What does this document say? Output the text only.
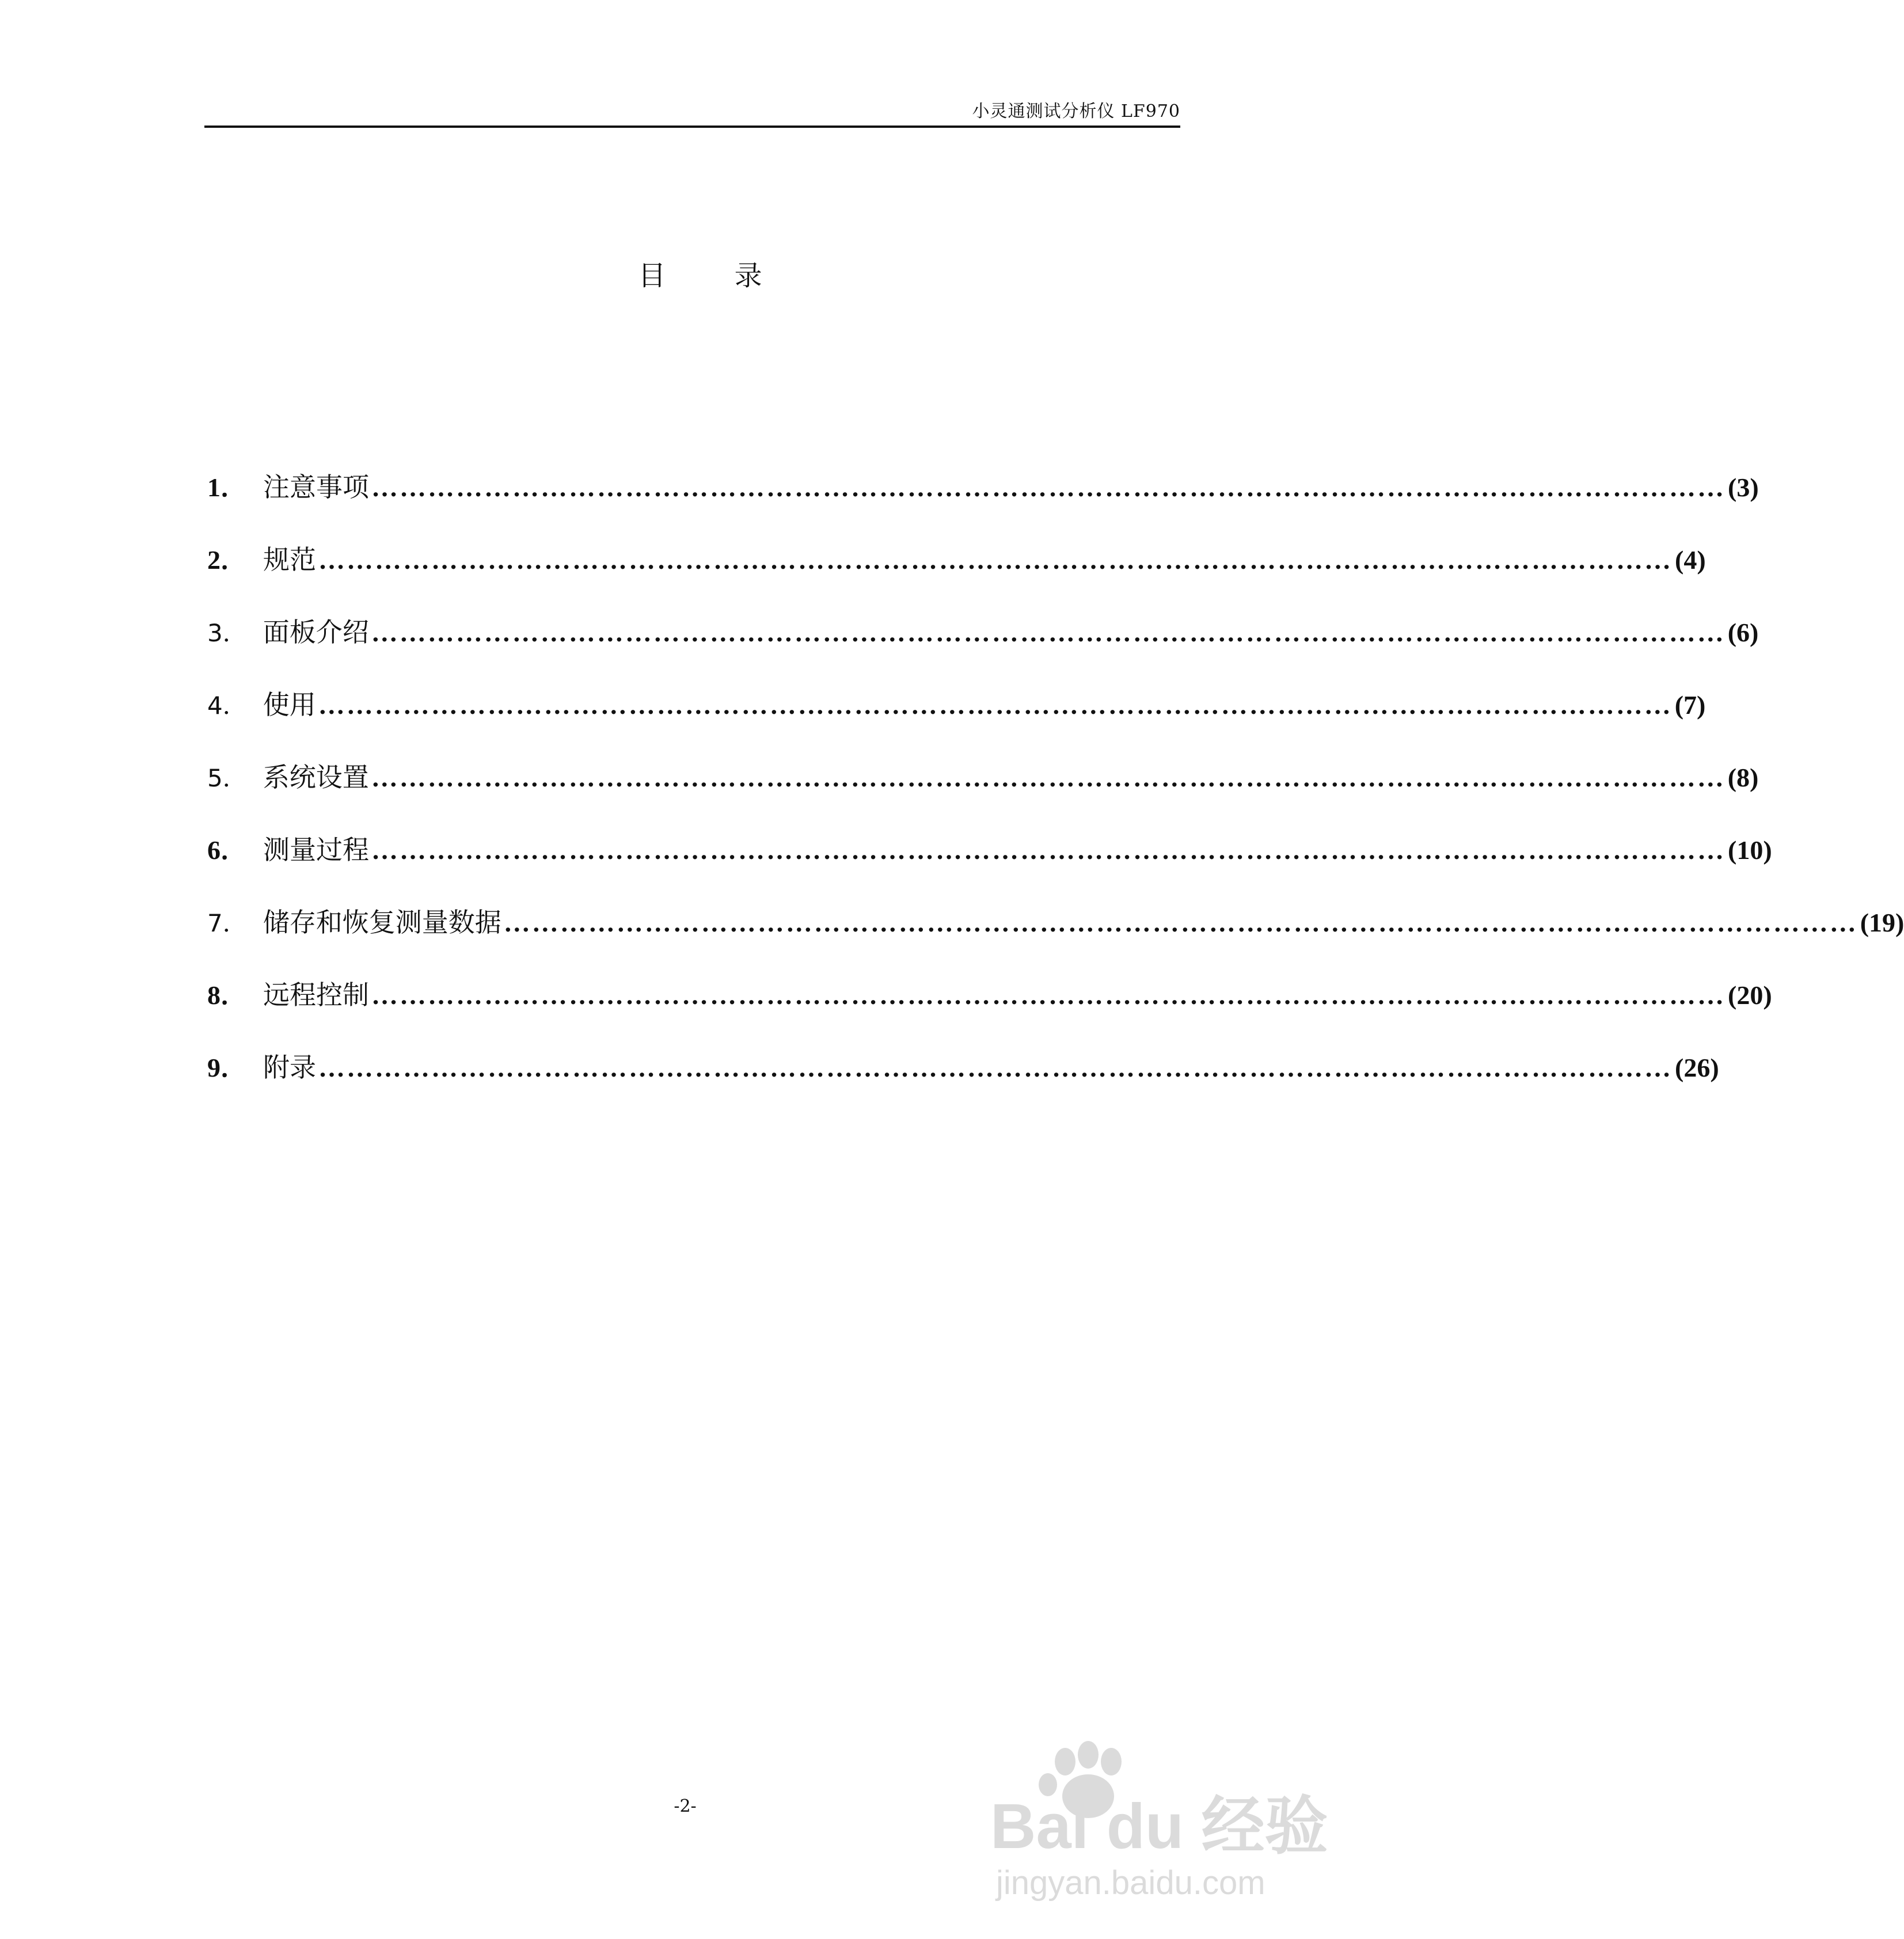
小灵通测试分析仪 LF970
目 录
1． 注意事项 ……………………………………………………………………………………………………………………………… (3)
2． 规范 ……………………………………………………………………………………………………………………………… (4)
3． 面板介绍 ……………………………………………………………………………………………………………………………… (6)
4． 使用 ……………………………………………………………………………………………………………………………… (7)
5． 系统设置 ……………………………………………………………………………………………………………………………… (8)
6． 测量过程 ……………………………………………………………………………………………………………………………… (10)
7． 储存和恢复测量数据 ……………………………………………………………………………………………………………………………… (19)
8． 远程控制 ……………………………………………………………………………………………………………………………… (20)
9． 附录 ……………………………………………………………………………………………………………………………… (26)
-2-	Bai du 经验
jingyan.baidu.com
